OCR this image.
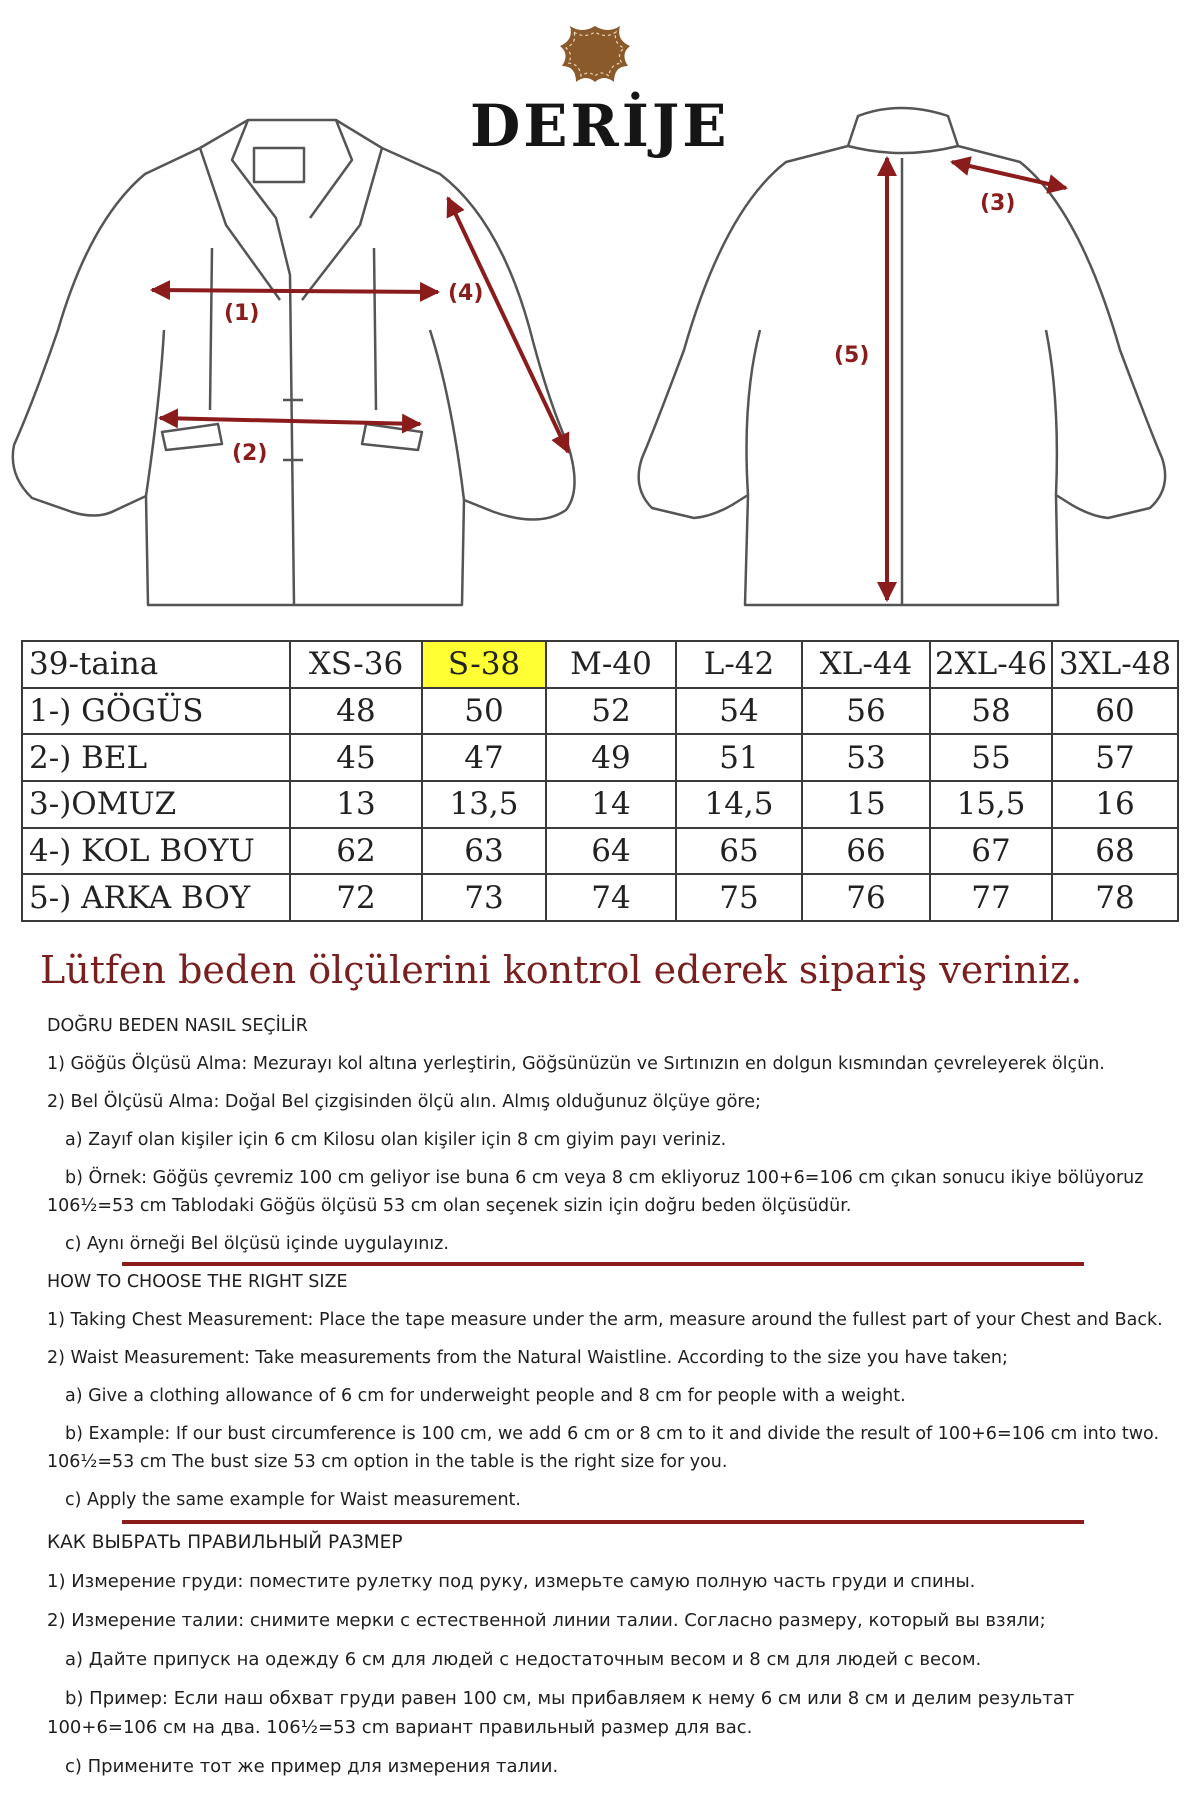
DERİJE
(1)
(2)
(4)
(3)
(5)
39-taina	XS-36	S-38	M-40	L-42	XL-44	2XL-46	3XL-48
1-) GÖGÜS	48	50	52	54	56	58	60
2-) BEL	45	47	49	51	53	55	57
3-)OMUZ	13	13,5	14	14,5	15	15,5	16
4-) KOL BOYU	62	63	64	65	66	67	68
5-) ARKA BOY	72	73	74	75	76	77	78
Lütfen beden ölçülerini kontrol ederek sipariş veriniz.
DOĞRU BEDEN NASIL SEÇİLİR

1) Göğüs Ölçüsü Alma: Mezurayı kol altına yerleştirin, Göğsünüzün ve Sırtınızın en dolgun kısmından çevreleyerek ölçün.

2) Bel Ölçüsü Alma: Doğal Bel çizgisinden ölçü alın. Almış olduğunuz ölçüye göre;

a) Zayıf olan kişiler için 6 cm Kilosu olan kişiler için 8 cm giyim payı veriniz.

b) Örnek: Göğüs çevremiz 100 cm geliyor ise buna 6 cm veya 8 cm ekliyoruz 100+6=106 cm çıkan sonucu ikiye bölüyoruz 106½=53 cm Tablodaki Göğüs ölçüsü 53 cm olan seçenek sizin için doğru beden ölçüsüdür.

c) Aynı örneği Bel ölçüsü içinde uygulayınız.

HOW TO CHOOSE THE RIGHT SIZE

1) Taking Chest Measurement: Place the tape measure under the arm, measure around the fullest part of your Chest and Back.

2) Waist Measurement: Take measurements from the Natural Waistline. According to the size you have taken;

a) Give a clothing allowance of 6 cm for underweight people and 8 cm for people with a weight.

b) Example: If our bust circumference is 100 cm, we add 6 cm or 8 cm to it and divide the result of 100+6=106 cm into two. 106½=53 cm The bust size 53 cm option in the table is the right size for you.

c) Apply the same example for Waist measurement.

КАК ВЫБРАТЬ ПРАВИЛЬНЫЙ РАЗМЕР

1) Измерение груди: поместите рулетку под руку, измерьте самую полную часть груди и спины.

2) Измерение талии: снимите мерки с естественной линии талии. Согласно размеру, который вы взяли;

a) Дайте припуск на одежду 6 см для людей с недостаточным весом и 8 см для людей с весом.

b) Пример: Если наш обхват груди равен 100 см, мы прибавляем к нему 6 см или 8 см и делим результат 100+6=106 см на два. 106½=53 cm вариант правильный размер для вас.

c) Примените тот же пример для измерения талии.
